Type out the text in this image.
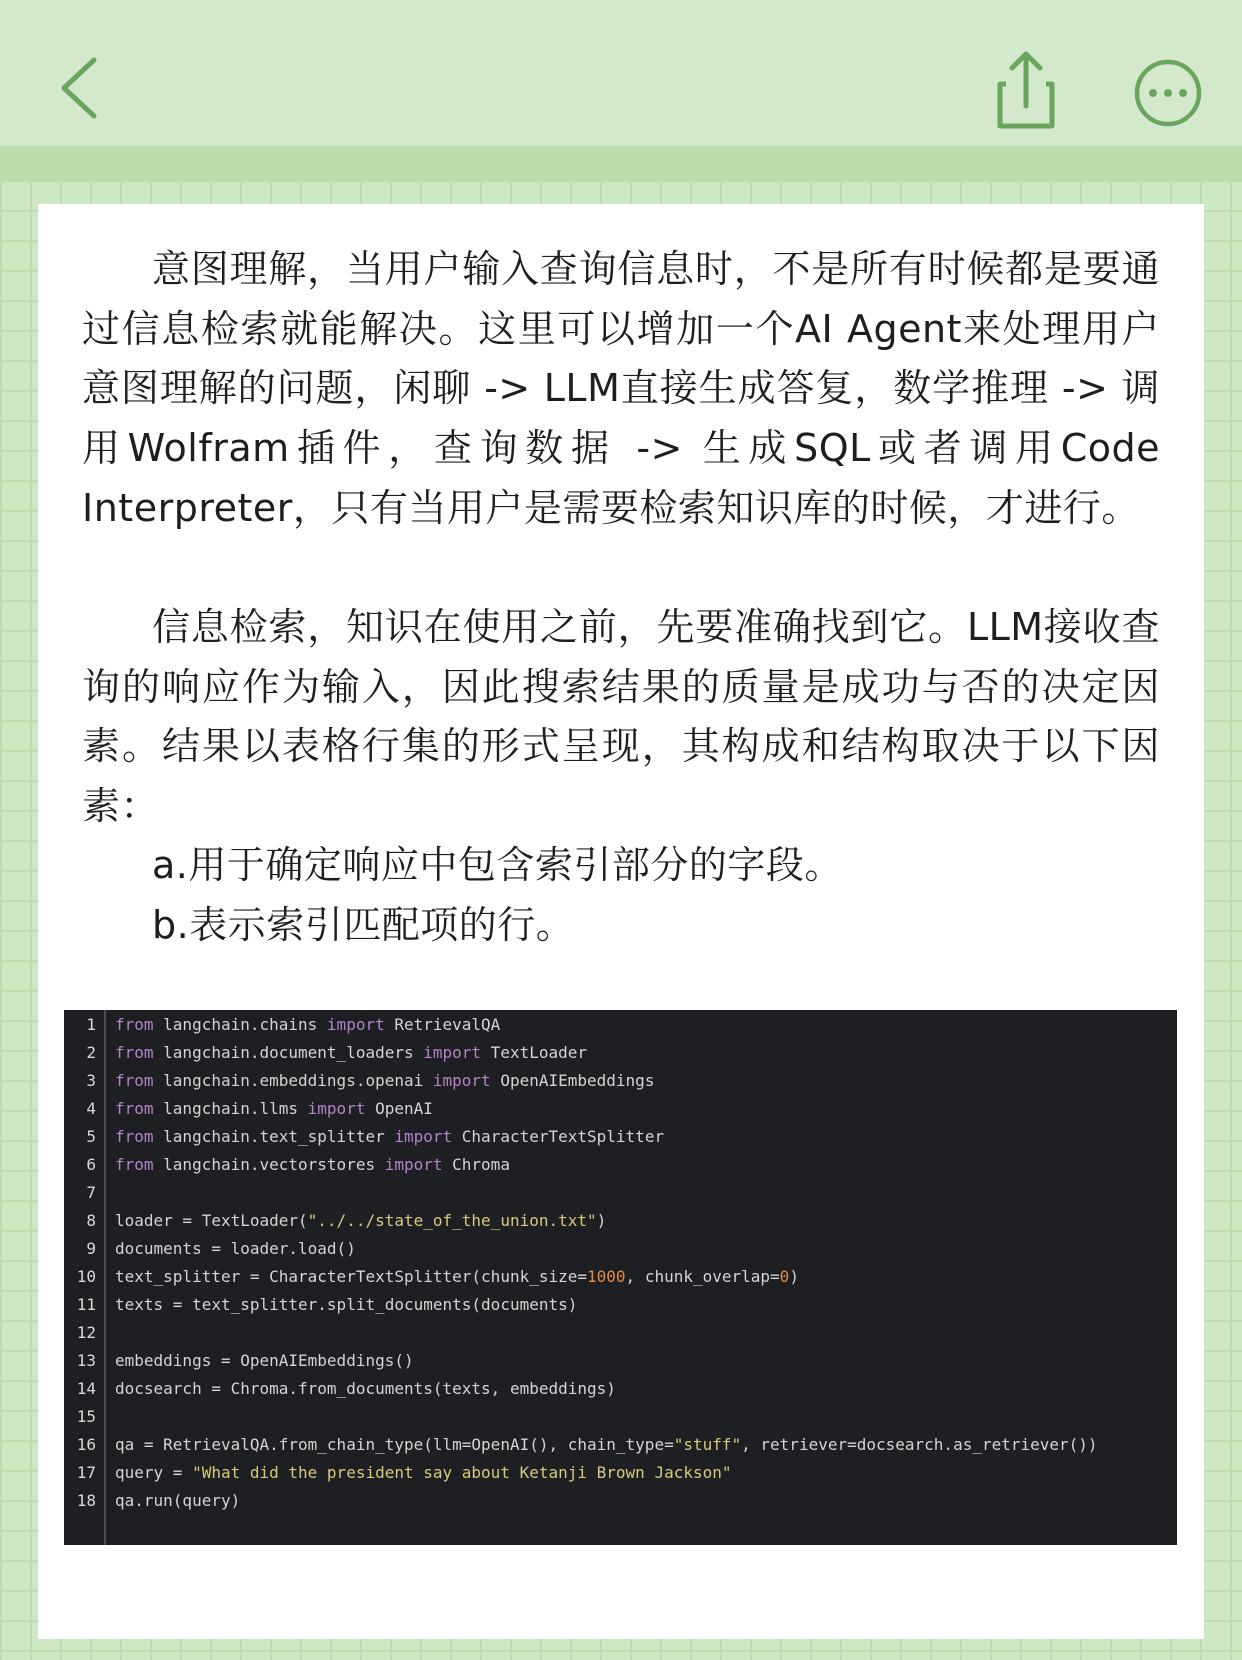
意图理解，当用户输入查询信息时，不是所有时候都是要通过信息检索就能解决。这里可以增加一个AI Agent来处理用户意图理解的问题，闲聊 -> LLM直接生成答复，数学推理 -> 调用Wolfram插件，查询数据 -> 生成SQL或者调用Code Interpreter，只有当用户是需要检索知识库的时候，才进行。

信息检索，知识在使用之前，先要准确找到它。LLM接收查询的响应作为输入，因此搜索结果的质量是成功与否的决定因素。结果以表格行集的形式呈现，其构成和结构取决于以下因素：

a.用于确定响应中包含索引部分的字段。

b.表示索引匹配项的行。

1 from langchain.chains import RetrievalQA
2 from langchain.document_loaders import TextLoader
3 from langchain.embeddings.openai import OpenAIEmbeddings
4 from langchain.llms import OpenAI
5 from langchain.text_splitter import CharacterTextSplitter
6 from langchain.vectorstores import Chroma
7
8 loader = TextLoader("../../state_of_the_union.txt")
9 documents = loader.load()
10 text_splitter = CharacterTextSplitter(chunk_size=1000, chunk_overlap=0)
11 texts = text_splitter.split_documents(documents)
12
13 embeddings = OpenAIEmbeddings()
14 docsearch = Chroma.from_documents(texts, embeddings)
15
16 qa = RetrievalQA.from_chain_type(llm=OpenAI(), chain_type="stuff", retriever=docsearch.as_retriever())
17 query = "What did the president say about Ketanji Brown Jackson"
18 qa.run(query)
